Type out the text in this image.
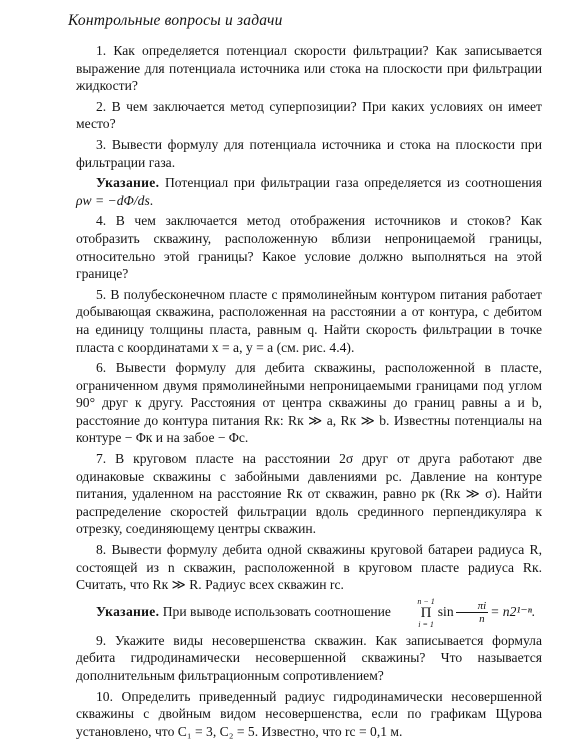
Контрольные вопросы и задачи

1. Как определяется потенциал скорости фильтрации? Как записывается выражение для потенциала источника или стока на плоскости при фильтрации жидкости?

2. В чем заключается метод суперпозиции? При каких условиях он имеет место?

3. Вывести формулу для потенциала источника и стока на плоскости при фильтрации газа.

Указание. Потенциал при фильтрации газа определяется из соотношения ρw = −dΦ/ds.

4. В чем заключается метод отображения источников и стоков? Как отобразить скважину, расположенную вблизи непроницаемой границы, относительно этой границы? Какое условие должно выполняться на этой границе?

5. В полубесконечном пласте с прямолинейным контуром питания работает добывающая скважина, расположенная на расстоянии a от контура, с дебитом на единицу толщины пласта, равным q. Найти скорость фильтрации в точке пласта с координатами x = a, y = a (см. рис. 4.4).

6. Вывести формулу для дебита скважины, расположенной в пласте, ограниченном двумя прямолинейными непроницаемыми границами под углом 90° друг к другу. Расстояния от центра скважины до границ равны a и b, расстояние до контура питания Rк: Rк ≫ a, Rк ≫ b. Известны потенциалы на контуре − Φк и на забое − Φс.

7. В круговом пласте на расстоянии 2σ друг от друга работают две одинаковые скважины с забойными давлениями pс. Давление на контуре питания, удаленном на расстояние Rк от скважин, равно pк (Rк ≫ σ). Найти распределение скоростей фильтрации вдоль срединного перпендикуляра к отрезку, соединяющему центры скважин.

8. Вывести формулу дебита одной скважины круговой батареи радиуса R, состоящей из n скважин, расположенной в круговом пласте радиуса Rк. Считать, что Rк ≫ R. Радиус всех скважин rс.

Указание. При выводе использовать соотношение
n − 1
Π
i = 1
$\sin \frac{\pi i}{n} = n2^{1-n}$.

9. Укажите виды несовершенства скважин. Как записывается формула дебита гидродинамически несовершенной скважины? Что называется дополнительным фильтрационным сопротивлением?

10. Определить приведенный радиус гидродинамически несовершенной скважины с двойным видом несовершенства, если по графикам Щурова установлено, что C₁ = 3, C₂ = 5. Известно, что rс = 0,1 м.
